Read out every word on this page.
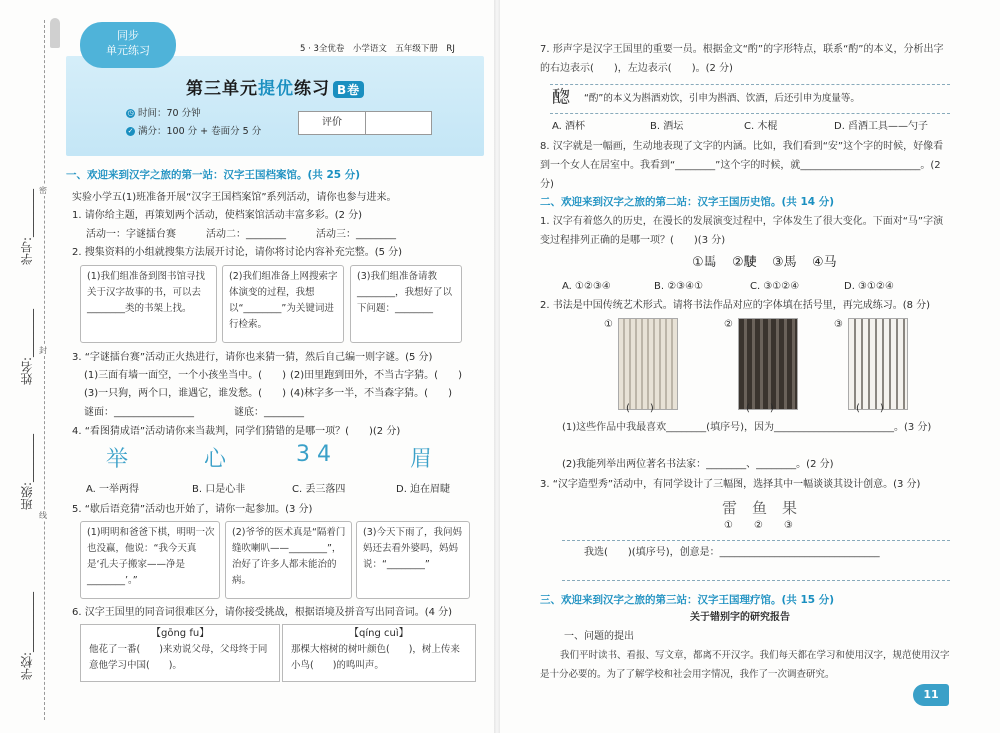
密
封
线
学号:________
姓名:________
班级:________
学校:__________
同步
单元练习	5 · 3全优卷　小学语文　五年级下册　RJ
第三单元提优练习 B卷
◷ 时间：70 分钟
✓ 满分：100 分 + 卷面分 5 分
评价
一、欢迎来到汉字之旅的第一站：汉字王国档案馆。(共 25 分)
实验小学五(1)班准备开展“汉字王国档案馆”系列活动，请你也参与进来。
1. 请你给主题，再策划两个活动，使档案馆活动丰富多彩。(2 分)
活动一：字谜擂台赛　　　活动二：________　　　活动三：________
2. 搜集资料的小组就搜集方法展开讨论，请你将讨论内容补充完整。(5 分)
(1)我们组准备到图书馆寻找关于汉字故事的书，可以去________类的书架上找。
(2)我们组准备上网搜索字体演变的过程，我想以“________”为关键词进行检索。
(3)我们组准备请教________，我想好了以下问题：________
3. “字谜擂台赛”活动正火热进行，请你也来猜一猜，然后自己编一则字谜。(5 分)
(1)三面有墙一面空，一个小孩坐当中。(　　) (2)田里跑到田外，不当古字猜。(　　)
(3)一只狗，两个口，谁遇它，谁发愁。(　　) (4)林字多一半，不当森字猜。(　　)
谜面：________________　　　　谜底：________
4. “看图猜成语”活动请你来当裁判，同学们猜错的是哪一项？(　　)(2 分)
举	心	3 4	眉
A. 一举两得	B. 口是心非	C. 丢三落四	D. 迫在眉睫
5. “歇后语竞猜”活动也开始了，请你一起参加。(3 分)
(1)明明和爸爸下棋，明明一次也没赢，他说：“我今天真是‘孔夫子搬家——净是________’。”
(2)爷爷的医术真是“隔着门缝吹喇叭——________”，治好了许多人都未能治的病。
(3)今天下雨了，我问妈妈还去看外婆吗，妈妈说：“________”
6. 汉字王国里的同音词很难区分，请你接受挑战，根据语境及拼音写出同音词。(4 分)
【gōng fu】
他花了一番(　　)来劝说父母，父母终于同意他学习中国(　　)。
【qíng cuì】
那棵大榕树的树叶颜色(　　)，树上传来小鸟(　　)的鸣叫声。
7. 形声字是汉字王国里的重要一员。根据金文“酌”的字形特点，联系“酌”的本义，分析出字的右边表示(　　)，左边表示(　　)。(2 分)
𨡮 “酌”的本义为斟酒劝饮，引申为斟酒、饮酒，后还引申为度量等。
A. 酒杯	B. 酒坛	C. 木棍	D. 舀酒工具——勺子
8. 汉字就是一幅画，生动地表现了文字的内涵。比如，我们看到“安”这个字的时候，好像看到一个女人在居室中。我看到“________”这个字的时候，就________________________。(2 分)
二、欢迎来到汉字之旅的第二站：汉字王国历史馆。(共 14 分)
1. 汉字有着悠久的历史，在漫长的发展演变过程中，字体发生了很大变化。下面对“马”字演变过程排列正确的是哪一项？(　　)(3 分)
①𩡧 ②𩢲 ③馬 ④马
A. ①②③④	B. ②③④①	C. ③①②④	D. ③①②④
2. 书法是中国传统艺术形式。请将书法作品对应的字体填在括号里，再完成练习。(8 分)
①	②	③
(　　)	(　　)	(　　)
(1)这些作品中我最喜欢________(填序号)，因为________________________。(3 分)
(2)我能列举出两位著名书法家：________、________。(2 分)
3. “汉字造型秀”活动中，有同学设计了三幅图，选择其中一幅谈谈其设计创意。(3 分)
雷 鱼 果
① ② ③
我选(　　)(填序号)，创意是：________________________________
三、欢迎来到汉字之旅的第三站：汉字王国理疗馆。(共 15 分)
关于错别字的研究报告
一、问题的提出
我们平时读书、看报、写文章，都离不开汉字。我们每天都在学习和使用汉字，规范使用汉字是十分必要的。为了了解学校和社会用字情况，我作了一次调查研究。
11
